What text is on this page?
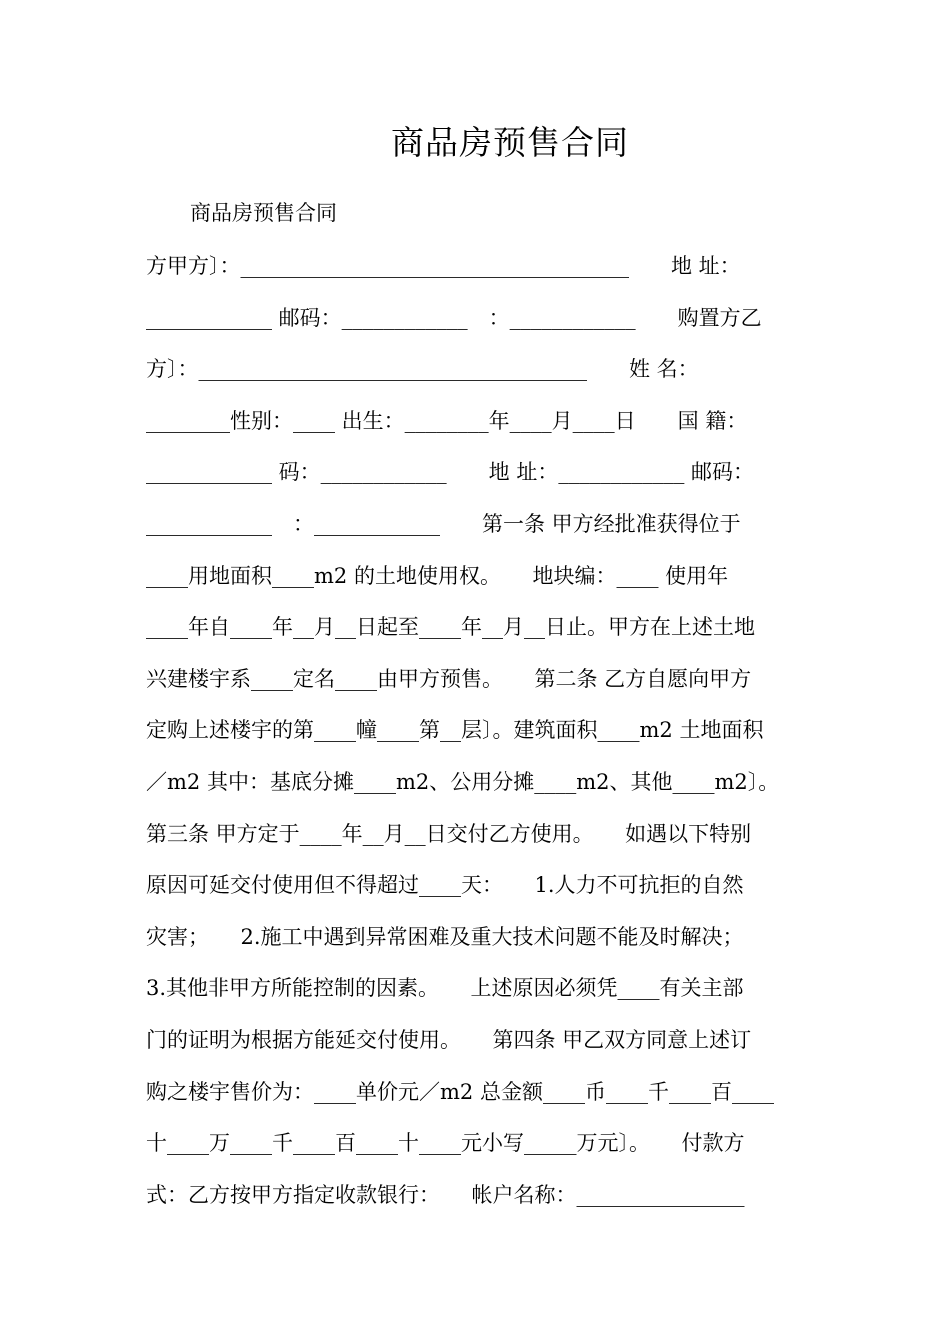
商品房预售合同
商品房预售合同
方甲方〕：_____________________________________　　地 址：
____________ 邮码：____________　：____________　　购置方乙
方〕：_____________________________________　　姓 名：
________性别：____ 出生：________年____月____日　　国 籍：
____________ 码：____________　　地 址：____________ 邮码：
____________　：____________　　第一条 甲方经批准获得位于
____用地面积____m2 的土地使用权。　　地块编：____ 使用年
____年自____年__月__日起至____年__月__日止。甲方在上述土地
兴建楼宇系____定名____由甲方预售。　　第二条 乙方自愿向甲方
定购上述楼宇的第____幢____第__层〕。建筑面积____m2 土地面积
／m2 其中：基底分摊____m2、公用分摊____m2、其他____m2〕。
第三条 甲方定于____年__月__日交付乙方使用。　　如遇以下特别
原因可延交付使用但不得超过____天：　　1.人力不可抗拒的自然
灾害；　　2.施工中遇到异常困难及重大技术问题不能及时解决；
3.其他非甲方所能控制的因素。　　上述原因必须凭____有关主部
门的证明为根据方能延交付使用。　　第四条 甲乙双方同意上述订
购之楼宇售价为：____单价元／m2 总金额____币____千____百____
十____万____千____百____十____元小写_____万元〕。　　付款方
式：乙方按甲方指定收款银行：　　帐户名称：________________
